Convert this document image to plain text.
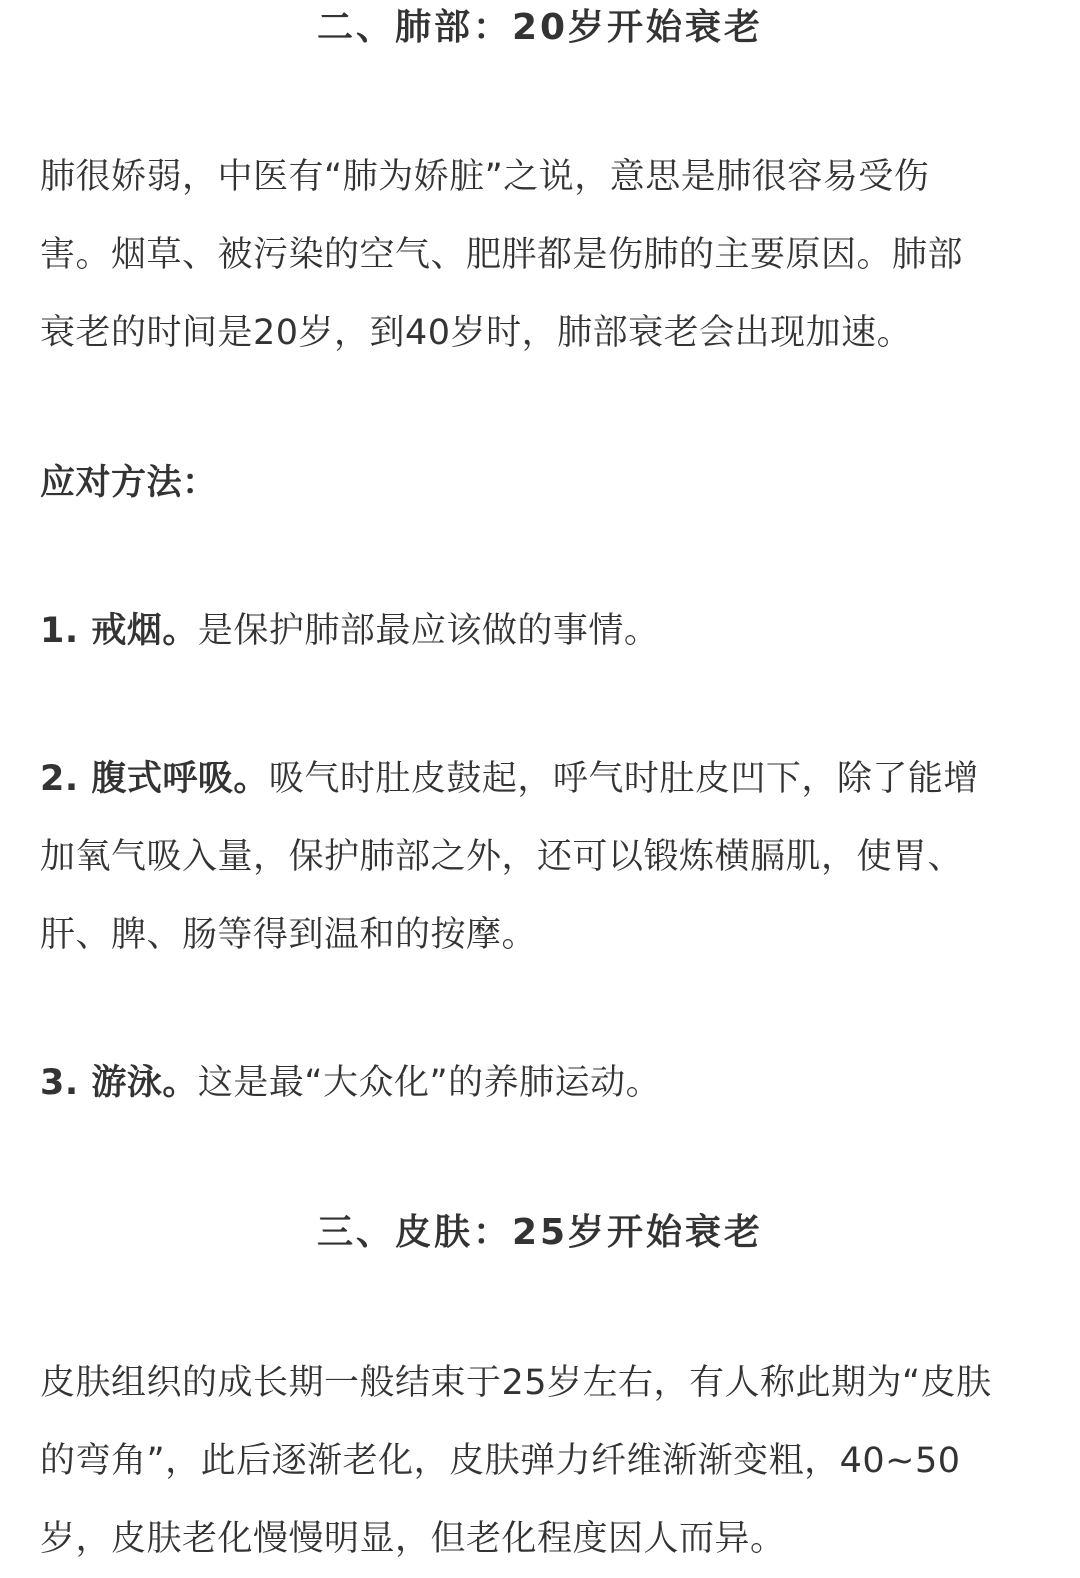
二、肺部：20岁开始衰老
肺很娇弱，中医有“肺为娇脏”之说，意思是肺很容易受伤
害。烟草、被污染的空气、肥胖都是伤肺的主要原因。肺部
衰老的时间是20岁，到40岁时，肺部衰老会出现加速。
应对方法：
1. 戒烟。是保护肺部最应该做的事情。
2. 腹式呼吸。吸气时肚皮鼓起，呼气时肚皮凹下，除了能增
加氧气吸入量，保护肺部之外，还可以锻炼横膈肌，使胃、
肝、脾、肠等得到温和的按摩。
3. 游泳。这是最“大众化”的养肺运动。
三、皮肤：25岁开始衰老
皮肤组织的成长期一般结束于25岁左右，有人称此期为“皮肤
的弯角”，此后逐渐老化，皮肤弹力纤维渐渐变粗，40~50
岁，皮肤老化慢慢明显，但老化程度因人而异。
